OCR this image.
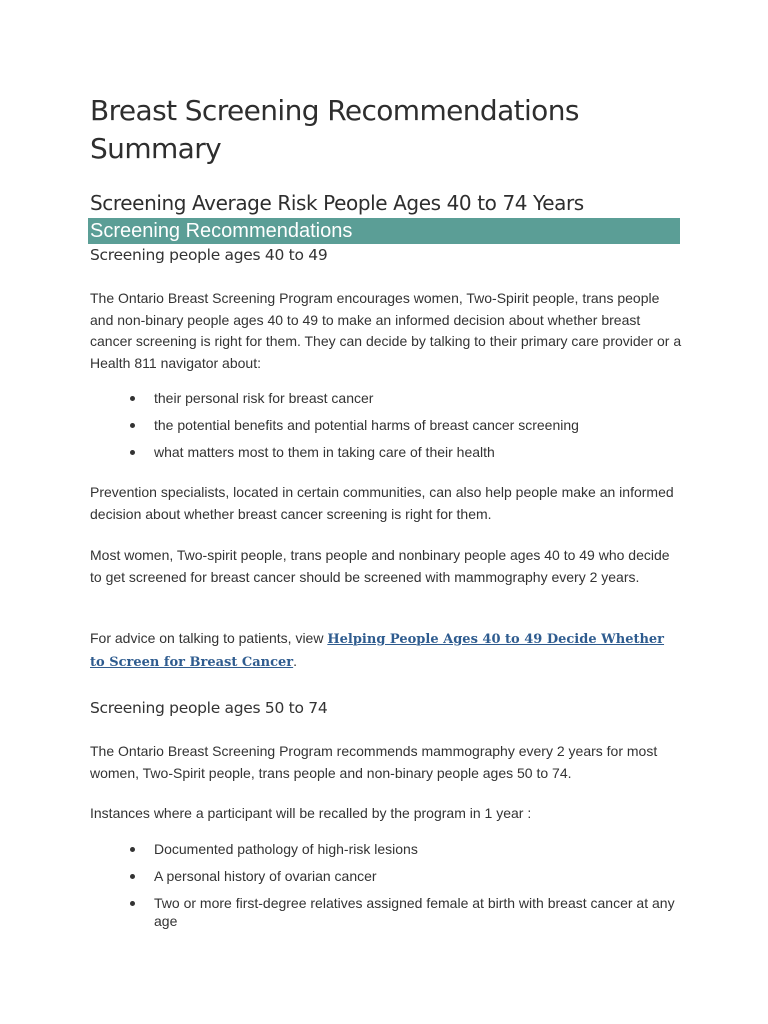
Breast Screening Recommendations Summary
Screening Average Risk People Ages 40 to 74 Years
Screening Recommendations
Screening people ages 40 to 49

The Ontario Breast Screening Program encourages women, Two-Spirit people, trans people and non-binary people ages 40 to 49 to make an informed decision about whether breast cancer screening is right for them. They can decide by talking to their primary care provider or a Health 811 navigator about:

their personal risk for breast cancer
the potential benefits and potential harms of breast cancer screening
what matters most to them in taking care of their health

Prevention specialists, located in certain communities, can also help people make an informed decision about whether breast cancer screening is right for them.

Most women, Two-spirit people, trans people and nonbinary people ages 40 to 49 who decide to get screened for breast cancer should be screened with mammography every 2 years.

For advice on talking to patients, view Helping People Ages 40 to 49 Decide Whether to Screen for Breast Cancer.

Screening people ages 50 to 74

The Ontario Breast Screening Program recommends mammography every 2 years for most women, Two-Spirit people, trans people and non-binary people ages 50 to 74.

Instances where a participant will be recalled by the program in 1 year :

Documented pathology of high-risk lesions
A personal history of ovarian cancer
Two or more first-degree relatives assigned female at birth with breast cancer at any age
